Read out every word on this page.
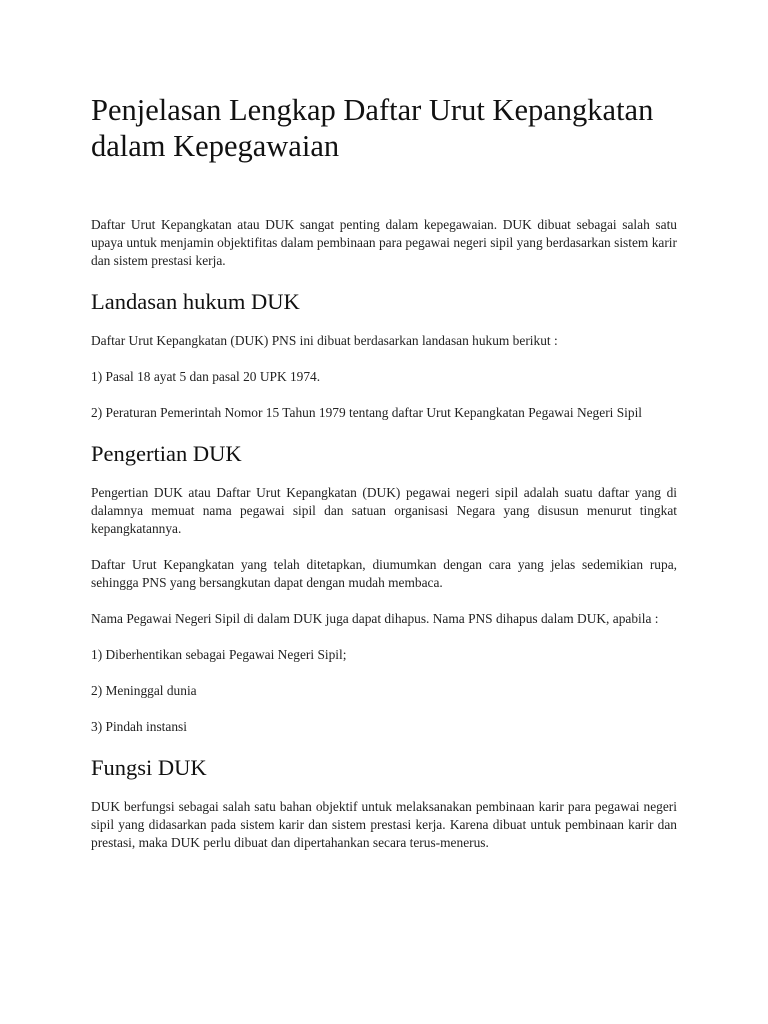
Penjelasan Lengkap Daftar Urut Kepangkatan dalam Kepegawaian

Daftar Urut Kepangkatan atau DUK sangat penting dalam kepegawaian. DUK dibuat sebagai salah satu upaya untuk menjamin objektifitas dalam pembinaan para pegawai negeri sipil yang berdasarkan sistem karir dan sistem prestasi kerja.

Landasan hukum DUK

Daftar Urut Kepangkatan (DUK) PNS ini dibuat berdasarkan landasan hukum berikut :

1) Pasal 18 ayat 5 dan pasal 20 UPK 1974.

2) Peraturan Pemerintah Nomor 15 Tahun 1979 tentang daftar Urut Kepangkatan Pegawai Negeri Sipil

Pengertian DUK

Pengertian DUK atau Daftar Urut Kepangkatan (DUK) pegawai negeri sipil adalah suatu daftar yang di dalamnya memuat nama pegawai sipil dan satuan organisasi Negara yang disusun menurut tingkat kepangkatannya.

Daftar Urut Kepangkatan yang telah ditetapkan, diumumkan dengan cara yang jelas sedemikian rupa, sehingga PNS yang bersangkutan dapat dengan mudah membaca.

Nama Pegawai Negeri Sipil di dalam DUK juga dapat dihapus. Nama PNS dihapus dalam DUK, apabila :

1) Diberhentikan sebagai Pegawai Negeri Sipil;

2) Meninggal dunia

3) Pindah instansi

Fungsi DUK

DUK berfungsi sebagai salah satu bahan objektif untuk melaksanakan pembinaan karir para pegawai negeri sipil yang didasarkan pada sistem karir dan sistem prestasi kerja. Karena dibuat untuk pembinaan karir dan prestasi, maka DUK perlu dibuat dan dipertahankan secara terus-menerus.
